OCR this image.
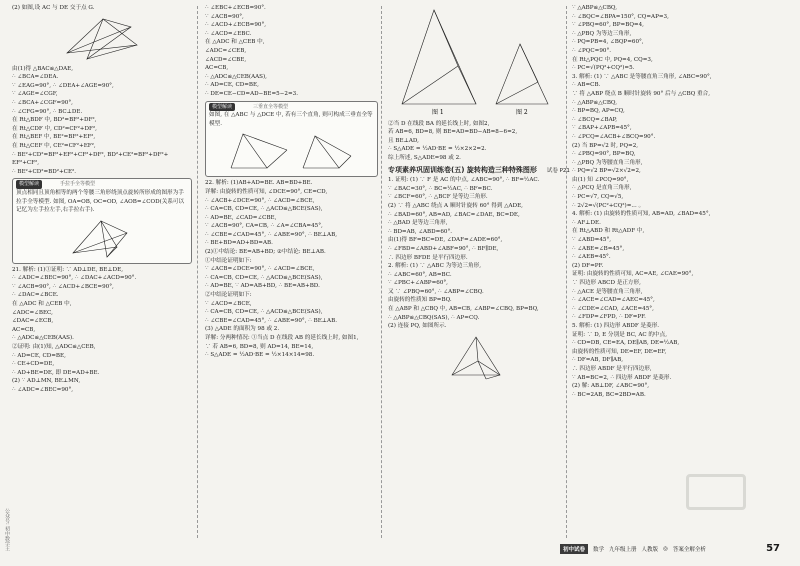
(2) 如图,设 AC 与 DE 交于点 G.
由(1)得 △BAC≌△DAE,
∴ ∠BCA=∠DEA.
∵ ∠EAG=90°, ∴ ∠DEA+∠AGE=90°,
∵ ∠AGE=∠CGF,
∴ ∠BCA+∠CGF=90°,
∴ ∠CFG=90°, ∴ BC⊥DE.
在 Rt△BDF 中, BD²=BF²+DF²,
在 Rt△CDF 中, CD²=CF²+DF²,
在 Rt△BEF 中, BE²=BF²+EF²,
在 Rt△CEF 中, CE²=CF²+EF²,
∴ BE²+CD²=BF²+EF²+CF²+DF², BD²+CE²=BF²+DF²+
EF²+CF²,
∴ BE²+CD²=BD²+CE².
模型解读	手拉手全等模型
顶点相同且顶角相等的两个等腰三角形绕顶点旋转所形成的图形为手拉手全等模型. 如图, OA=OB, OC=OD, ∠AOB=∠COD(关系可以记忆为左手拉左手,右手拉右手).
21. 解析: (1)①证明: ∵ AD⊥DE, BE⊥DE,
∴ ∠ADC=∠BEC=90°, ∴ ∠DAC+∠ACD=90°.
∵ ∠ACB=90°, ∴ ∠ACD+∠BCE=90°,
∴ ∠DAC=∠BCE.
在 △ADC 和 △CEB 中,
∠ADC=∠BEC,
∠DAC=∠ECB,
AC=CB,
∴ △ADC≌△CEB(AAS).
②证明: 由(1)知, △ADC≌△CEB,
∴ AD=CE, CD=BE,
∴ CE+CD=DE,
∴ AD+BE=DE, 即 DE=AD+BE.
(2) ∵ AD⊥MN, BE⊥MN,
∴ ∠ADC=∠BEC=90°,
∴ ∠EBC+∠ECB=90°.
∵ ∠ACB=90°,
∴ ∠ACD+∠ECB=90°,
∴ ∠ACD=∠EBC.
在 △ADC 和 △CEB 中,
∠ADC=∠CEB,
∠ACD=∠CBE,
AC=CB,
∴ △ADC≌△CEB(AAS),
∴ AD=CE, CD=BE,
∴ DE=CE−CD=AD−BE=5−2=3.
模型解读	三垂直全等模型
如图, 在 △ABC 与 △DCE 中, 若有三个直角, 则可构成三垂直全等模型.
22. 解析: (1)AB+AD=BE. AB=BD+BE.
详解: 由旋转的性质可知, ∠DCE=90°, CE=CD,
∴ ∠ACB+∠DCE=90°, ∴ ∠ACD=∠BCE,
∴ CA=CB, CD=CE, ∴ △ACD≌△BCE(SAS),
∴ AD=BE, ∠CAD=∠CBE,
∵ ∠ACB=90°, CA=CB, ∴ ∠A=∠CBA=45°,
∴ ∠CBE=∠CAD=45°, ∴ ∠ABE=90°, ∴ BE⊥AB,
∴ BE+BD=AD+BD=AB.
(2)①中结论: BE=AB+BD; ②中结论: BE⊥AB.
①中结论证明如下:
∵ ∠ACB=∠DCE=90°, ∴ ∠ACD=∠BCE,
∴ CA=CB, CD=CE, ∴ △ACD≌△BCE(SAS),
∴ AD=BE, ∵ AD=AB+BD, ∴ BE=AB+BD.
②中结论证明如下:
∵ ∠ACD=∠BCE,
∴ CA=CB, CD=CE, ∴ △ACD≌△BCE(SAS),
∴ ∠CBE=∠CAD=45°, ∴ ∠ABE=90°, ∴ BE⊥AB.
(3) △ADE 的面积为 98 或 2.
详解: 分两种情况: ①当点 D 在线段 AB 的延长线上时, 如图1,
∵ 若 AB=6, BD=8, 则 AD=14, BE=14,
∴ S△ADE = ½AD·BE = ½×14×14=98.
图 1	图 2
②当 D 在线段 BA 的延长线上时, 如图2,
若 AB=6, BD=8, 则 BE=AD=BD−AB=8−6=2,
且 BE⊥AD,
∴ S△ADE = ½AD·BE = ½×2×2=2.
综上所述, S△ADE=98 或 2.
专项素养巩固训练卷(五) 旋转构造三种特殊图形 试卷 P21
1. 证明: (1) ∵ F 是 AC 的中点, ∠ABC=90°, ∴ BF=½AC.
∵ ∠BAC=30°, ∴ BC=½AC, ∴ BF=BC.
∵ ∠BCF=60°, ∴ △BCF 是等边三角形.
(2) ∵ 将 △ABC 绕点 A 顺时针旋转 60° 得到 △ADE,
∴ ∠BAD=60°, AB=AD, ∠BAC=∠DAE, BC=DE,
∴ △BAD 是等边三角形,
∴ BD=AB, ∠ABD=60°.
由(1)得 BF=BC=DE, ∠DAF=∠ADE=60°,
∴ ∠FBD=∠ABD+∠ABF=90°, ∴ BF∥DE,
∴ 四边形 BFDE 是平行四边形.
2. 解析: (1) ∵ △ABC 为等边三角形,
∴ ∠ABC=60°, AB=BC.
∵ ∠PBC+∠ABP=60°,
又 ∵ ∠PBQ=60°, ∴ ∠ABP=∠CBQ.
由旋转的性质知 BP=BQ.
在 △ABP 和 △CBQ 中, AB=CB, ∠ABP=∠CBQ, BP=BQ,
∴ △ABP≌△CBQ(SAS), ∴ AP=CQ.
(2) 连接 PQ, 如图所示.
∵ △ABP≌△CBQ,
∴ ∠BQC=∠BPA=150°, CQ=AP=3,
∵ ∠PBQ=60°, BP=BQ=4,
∴ △PBQ 为等边三角形,
∴ PQ=PB=4, ∠BQP=60°,
∴ ∠PQC=90°.
在 Rt△PQC 中, PQ=4, CQ=3,
∴ PC=√(PQ²+CQ²)=5.
3. 解析: (1) ∵ △ABC 是等腰直角三角形, ∠ABC=90°,
∴ AB=CB.
∵ 将 △ABP 绕点 B 顺时针旋转 90° 后与 △CBQ 重合,
∴ △ABP≌△CBQ,
∴ BP=BQ, AP=CQ,
∴ ∠BCQ=∠BAP,
∵ ∠BAP+∠APB=45°,
∴ ∠PCQ=∠ACB+∠BCQ=90°.
(2) 当 BP=√2 时, PQ=2,
∴ ∠PBQ=90°, BP=BQ,
∴ △PBQ 为等腰直角三角形,
∴ PQ=√2 BP=√2×√2=2,
由(1) 知 ∠PCQ=90°,
∴ △PCQ 是直角三角形,
∴ PC=√7, CQ=√5,
∴ 2√2=√(PC²+CQ²)=... 。
4. 解析: (1) 由旋转的性质可知, AB=AD, ∠BAD=45°,
∴ AF⊥DE.
在 Rt△ABD 和 Rt△ADF 中,
∵ ∠ABD=45°,
∴ ∠ABE=∠B=45°,
∴ ∠AEB=45°.
(2) DF=PF.
证明: 由旋转的性质可知, AC=AE, ∠CAE=90°,
∵ 四边形 ABCD 是正方形,
∴ △ACE 是等腰直角三角形,
∴ ∠ACE=∠CAD=∠AEC=45°,
∴ ∠CDE=∠CAD, ∠ACE=45°,
∴ ∠FDP=∠FPD, ∴ DF=PF.
5. 解析: (1) 四边形 ABDF 是菱形.
证明: ∵ D, E 分别是 BC, AC 的中点,
∴ CD=DB, CE=EA, DE∥AB, DE=½AB,
由旋转的性质可知, DE=EF, DE=EF,
∴ DF=AB, DF∥AB,
∴ 四边形 ABDF 是平行四边形,
∵ AB=BC=2, ∴ 四边形 ABDF 是菱形.
(2) 解: AB⊥DF, ∠ABC=90°,
∴ BC=2AB, BC=2BD=AB.
公众号: 初中数学王	初中试卷	数学 九年级上册 人教版 ◎ 答案全解全析	57
